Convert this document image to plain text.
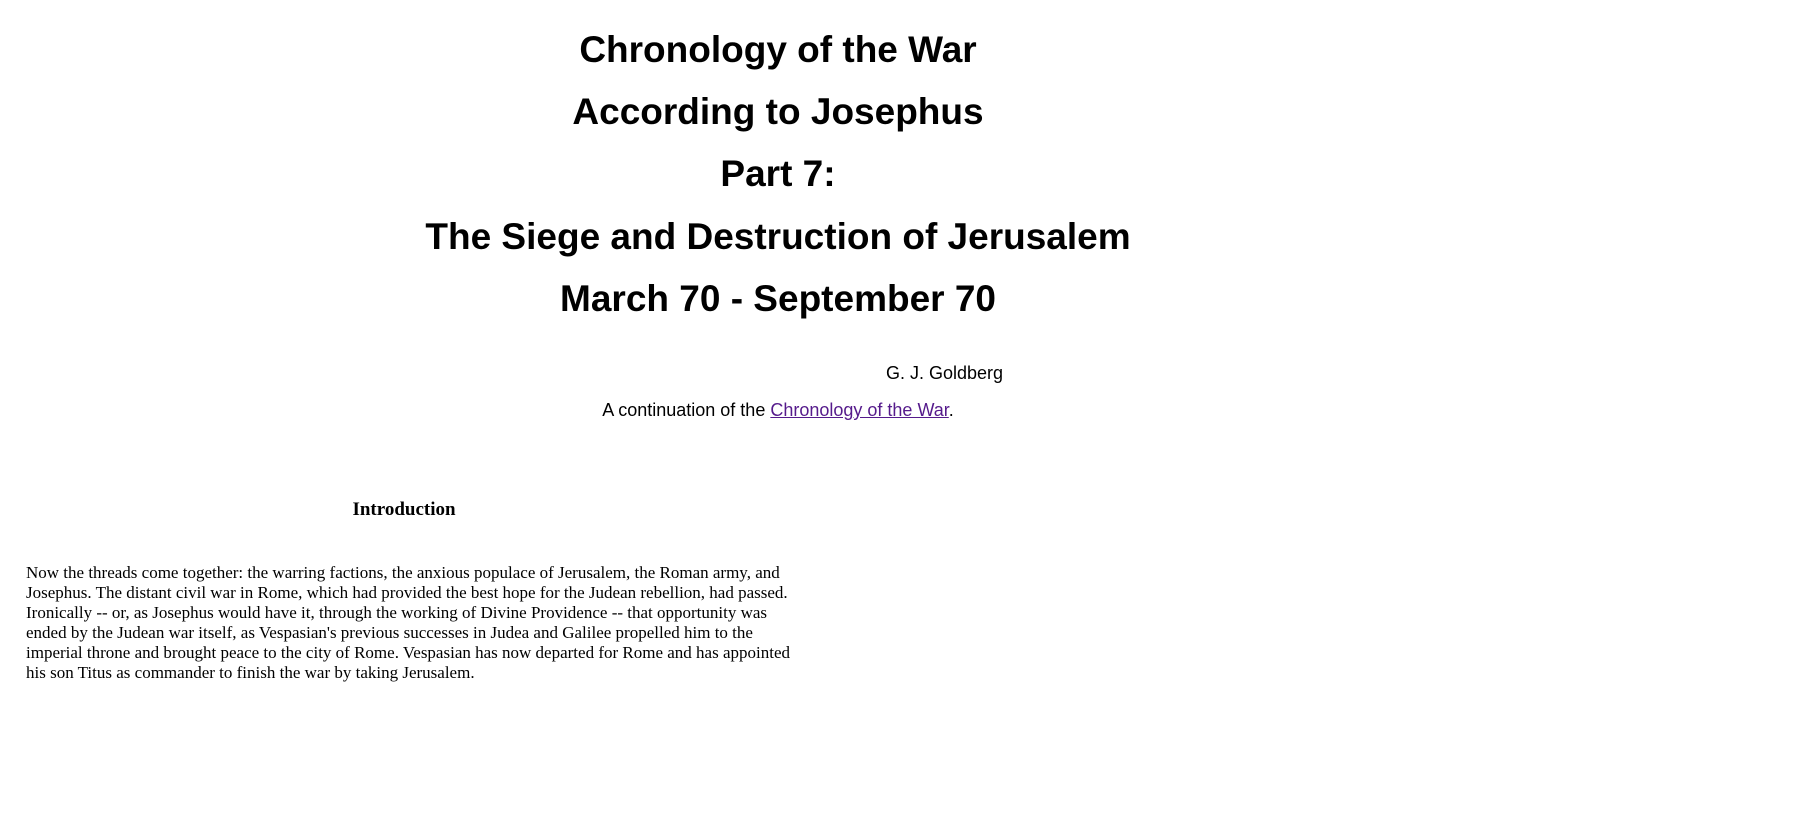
Chronology of the War
According to Josephus
Part 7:
The Siege and Destruction of Jerusalem
March 70 - September 70
G. J. Goldberg
A continuation of the Chronology of the War.
Introduction

Now the threads come together: the warring factions, the anxious populace of Jerusalem, the Roman army, and Josephus. The distant civil war in Rome, which had provided the best hope for the Judean rebellion, had passed. Ironically -- or, as Josephus would have it, through the working of Divine Providence -- that opportunity was ended by the Judean war itself, as Vespasian's previous successes in Judea and Galilee propelled him to the imperial throne and brought peace to the city of Rome. Vespasian has now departed for Rome and has appointed his son Titus as commander to finish the war by taking Jerusalem.
